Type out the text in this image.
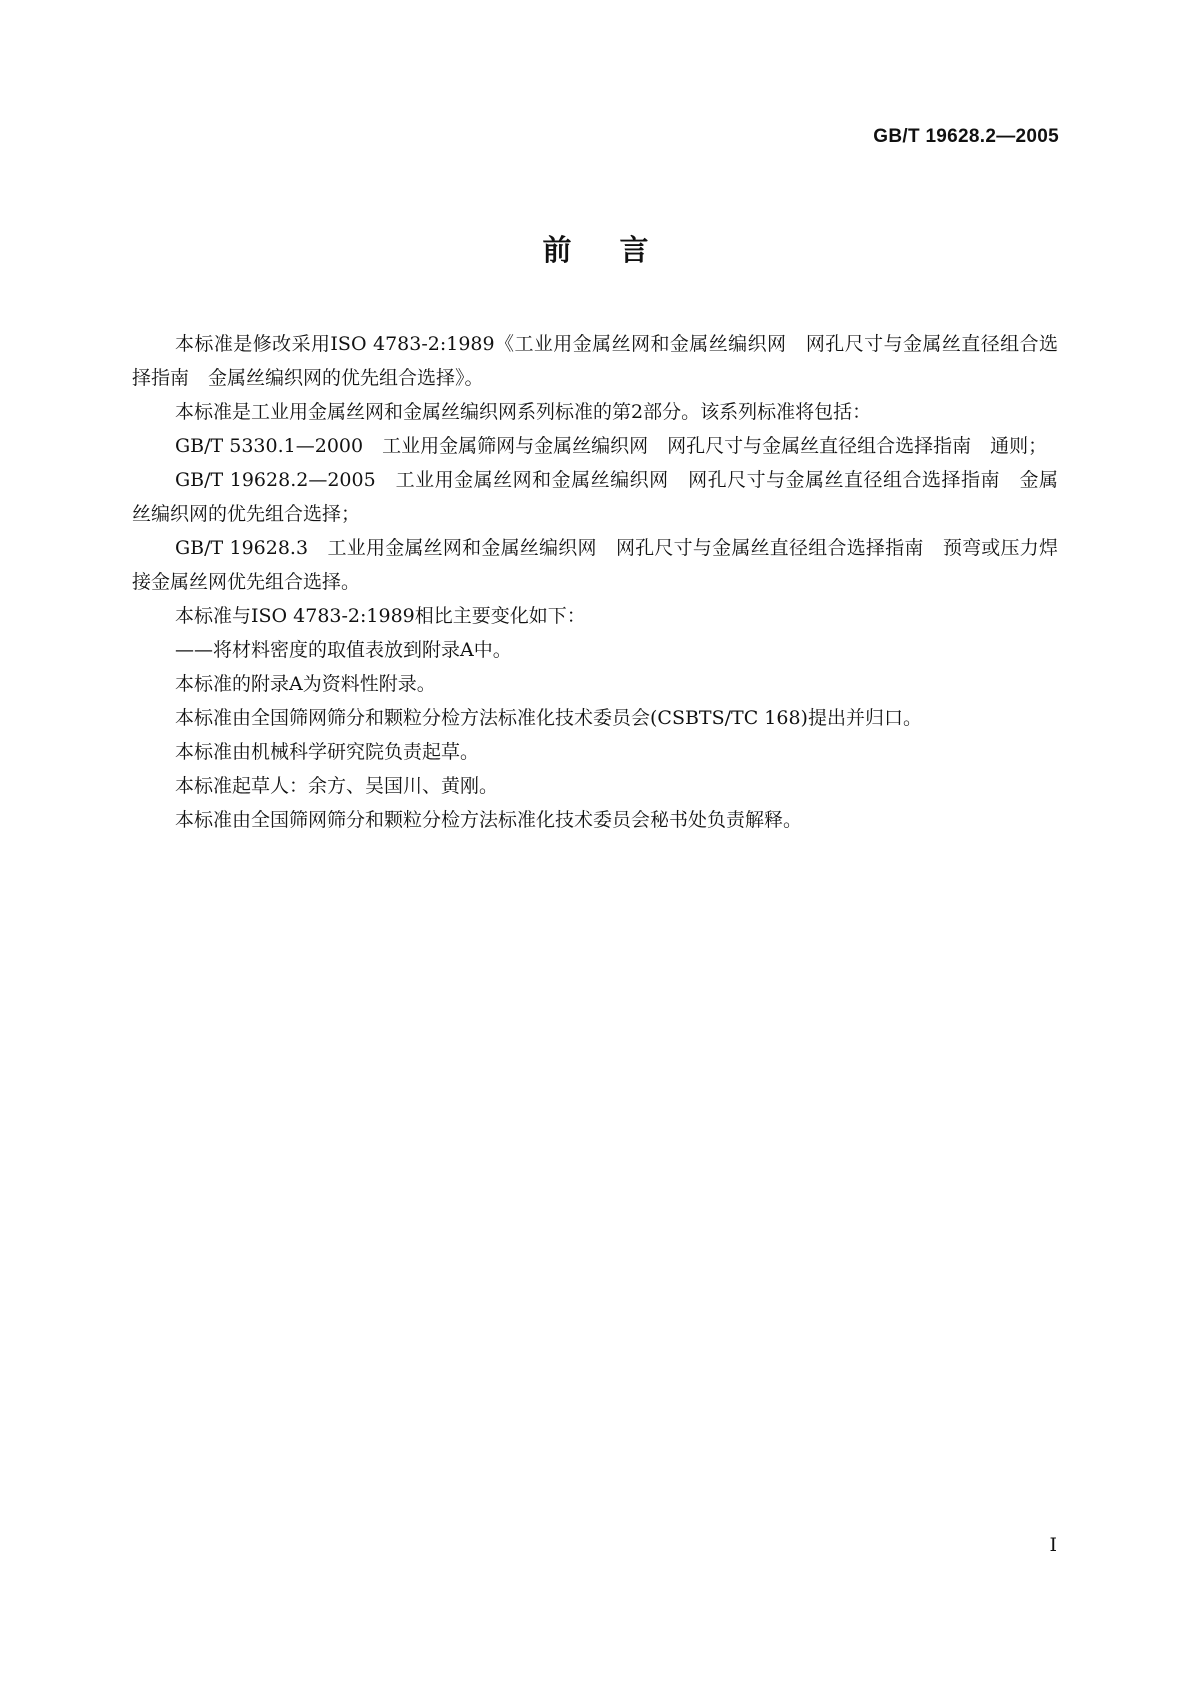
GB/T 19628.2—2005
前言

本标准是修改采用ISO 4783-2:1989《工业用金属丝网和金属丝编织网　网孔尺寸与金属丝直径组合选择指南　金属丝编织网的优先组合选择》。

本标准是工业用金属丝网和金属丝编织网系列标准的第2部分。该系列标准将包括：

GB/T 5330.1—2000　工业用金属筛网与金属丝编织网　网孔尺寸与金属丝直径组合选择指南　通则；

GB/T 19628.2—2005　工业用金属丝网和金属丝编织网　网孔尺寸与金属丝直径组合选择指南　金属丝编织网的优先组合选择；

GB/T 19628.3　工业用金属丝网和金属丝编织网　网孔尺寸与金属丝直径组合选择指南　预弯或压力焊接金属丝网优先组合选择。

本标准与ISO 4783-2:1989相比主要变化如下：

——将材料密度的取值表放到附录A中。

本标准的附录A为资料性附录。

本标准由全国筛网筛分和颗粒分检方法标准化技术委员会(CSBTS/TC 168)提出并归口。

本标准由机械科学研究院负责起草。

本标准起草人：余方、吴国川、黄刚。

本标准由全国筛网筛分和颗粒分检方法标准化技术委员会秘书处负责解释。

I
